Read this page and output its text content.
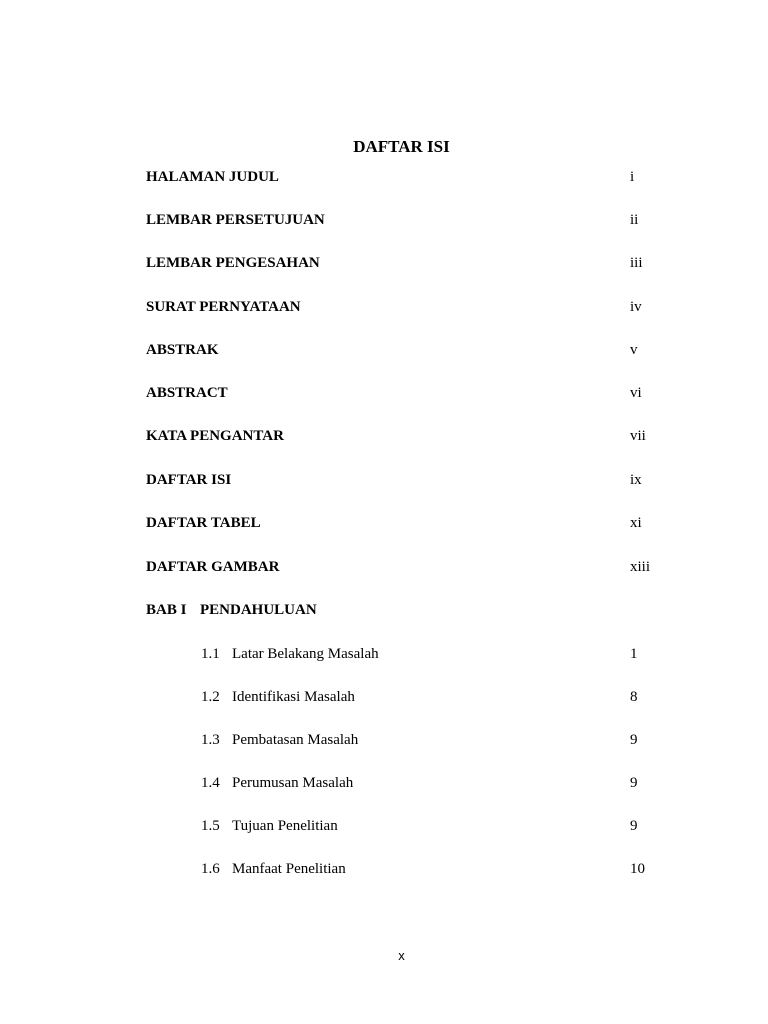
DAFTAR ISI
HALAMAN JUDUL	i
LEMBAR PERSETUJUAN	ii
LEMBAR PENGESAHAN	iii
SURAT PERNYATAAN	iv
ABSTRAK	v
ABSTRACT	vi
KATA PENGANTAR	vii
DAFTAR ISI	ix
DAFTAR TABEL	xi
DAFTAR GAMBAR	xiii
BAB I PENDAHULUAN
1.1 Latar Belakang Masalah	1
1.2 Identifikasi Masalah	8
1.3 Pembatasan Masalah	9
1.4 Perumusan Masalah	9
1.5 Tujuan Penelitian	9
1.6 Manfaat Penelitian	10
x
